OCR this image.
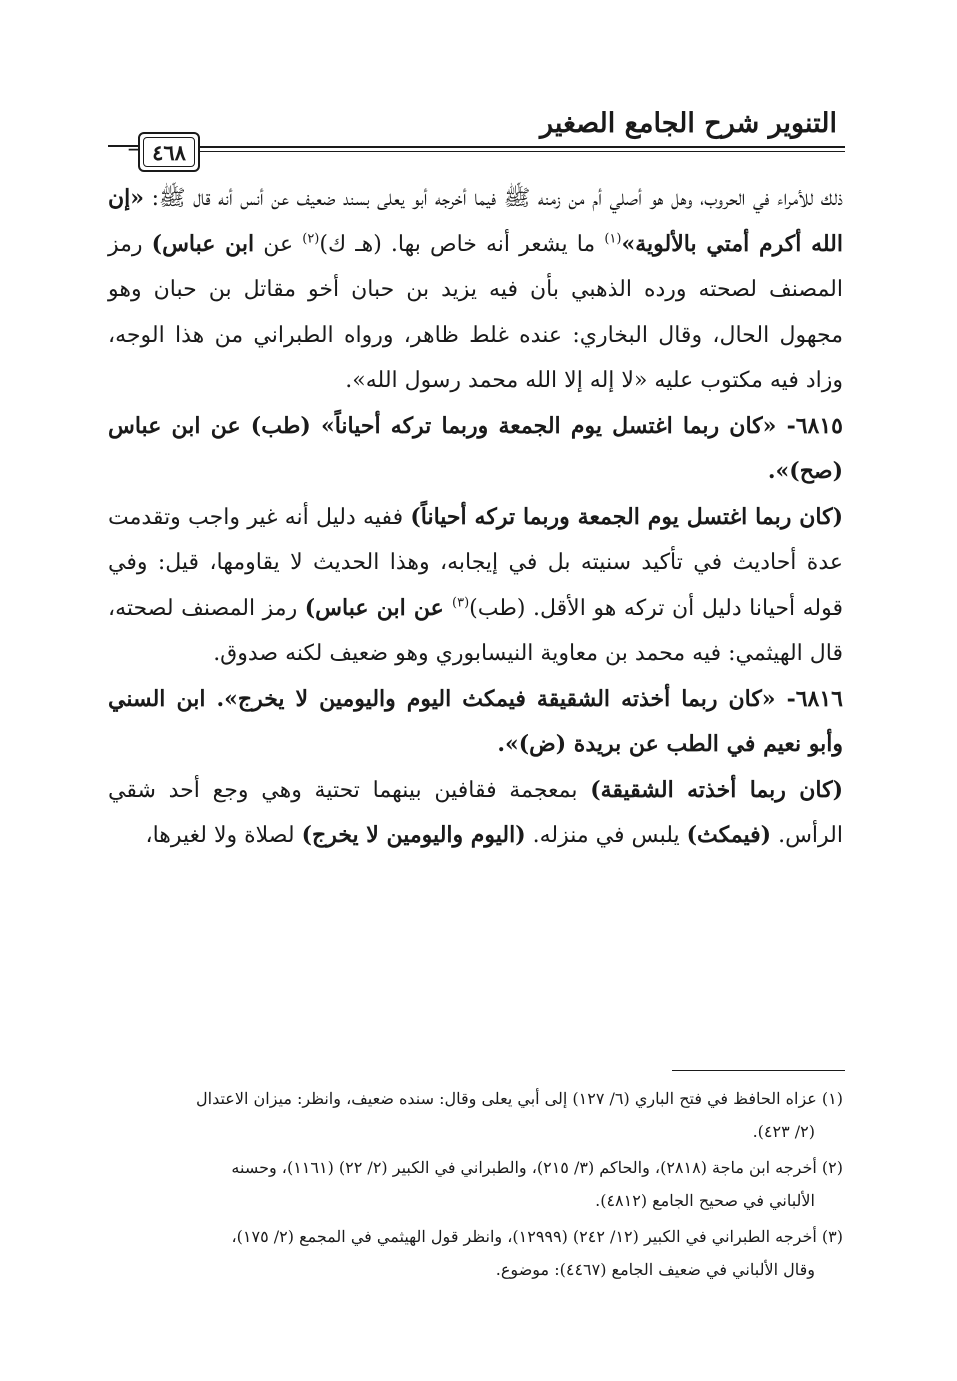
التنوير شرح الجامع الصغير
٤٦٨
=

ذلك للأمراء في الحروب، وهل هو أصلي أم من زمنه ﷺ فيما أخرجه أبو يعلى بسند ضعيف عن أنس أنه قال ﷺ: «إن الله أكرم أمتي بالألوية»$^{(١)}$ ما يشعر أنه خاص بها. (هـ ك)$^{(٢)}$ عن ابن عباس) رمز المصنف لصحته ورده الذهبي بأن فيه يزيد بن حبان أخو مقاتل بن حبان وهو مجهول الحال، وقال البخاري: عنده غلط ظاهر، ورواه الطبراني من هذا الوجه، وزاد فيه مكتوب عليه «لا إله إلا الله محمد رسول الله».

٦٨١٥- «كان ربما اغتسل يوم الجمعة وربما تركه أحياناً» (طب) عن ابن عباس (صح)».

(كان ربما اغتسل يوم الجمعة وربما تركه أحياناً) ففيه دليل أنه غير واجب وتقدمت عدة أحاديث في تأكيد سنيته بل في إيجابه، وهذا الحديث لا يقاومها، قيل: وفي قوله أحيانا دليل أن تركه هو الأقل. (طب)$^{(٣)}$ عن ابن عباس) رمز المصنف لصحته، قال الهيثمي: فيه محمد بن معاوية النيسابوري وهو ضعيف لكنه صدوق.

٦٨١٦- «كان ربما أخذته الشقيقة فيمكث اليوم واليومين لا يخرج». ابن السني وأبو نعيم في الطب عن بريدة (ض)».

(كان ربما أخذته الشقيقة) بمعجمة فقافين بينهما تحتية وهي وجع أحد شقي الرأس. (فيمكث) يلبس في منزله. (اليوم واليومين لا يخرج) لصلاة ولا لغيرها،

(١) عزاه الحافظ في فتح الباري (٦/ ١٢٧) إلى أبي يعلى وقال: سنده ضعيف، وانظر: ميزان الاعتدال
(٢/ ٤٢٣).

(٢) أخرجه ابن ماجة (٢٨١٨)، والحاكم (٣/ ٢١٥)، والطبراني في الكبير (٢/ ٢٢) (١١٦١)، وحسنه
الألباني في صحيح الجامع (٤٨١٢).

(٣) أخرجه الطبراني في الكبير (١٢/ ٢٤٢) (١٢٩٩٩)، وانظر قول الهيثمي في المجمع (٢/ ١٧٥)،
وقال الألباني في ضعيف الجامع (٤٤٦٧): موضوع.
